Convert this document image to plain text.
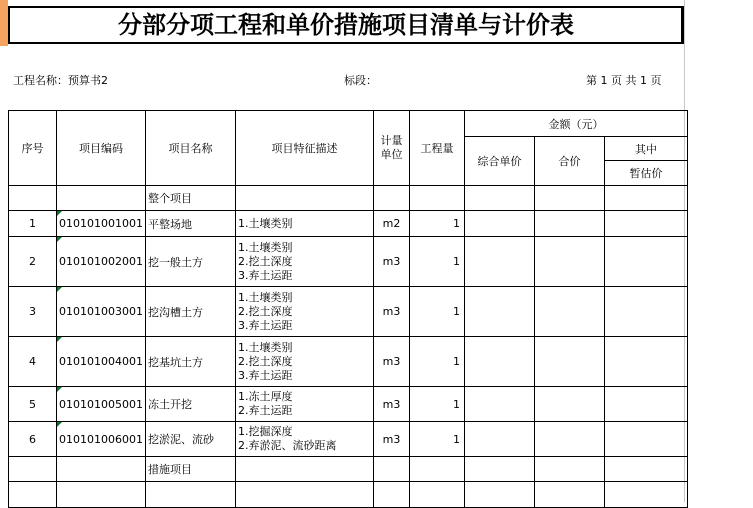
分部分项工程和单价措施项目清单与计价表
工程名称：预算书2	标段：	第 1 页 共 1 页
序号	项目编码	项目名称	项目特征描述	计量
单位	工程量	金额（元）		
						综合单价	合价	其中
								暂估价
		整个项目						
1	010101001001	平整场地	1.土壤类别	m2	1			
2	010101002001	挖一般土方	1.土壤类别
2.挖土深度
3.弃土运距	m3	1			
3	010101003001	挖沟槽土方	1.土壤类别
2.挖土深度
3.弃土运距	m3	1			
4	010101004001	挖基坑土方	1.土壤类别
2.挖土深度
3.弃土运距	m3	1			
5	010101005001	冻土开挖	1.冻土厚度
2.弃土运距	m3	1			
6	010101006001	挖淤泥、流砂	1.挖掘深度
2.弃淤泥、流砂距离	m3	1			
		措施项目						
